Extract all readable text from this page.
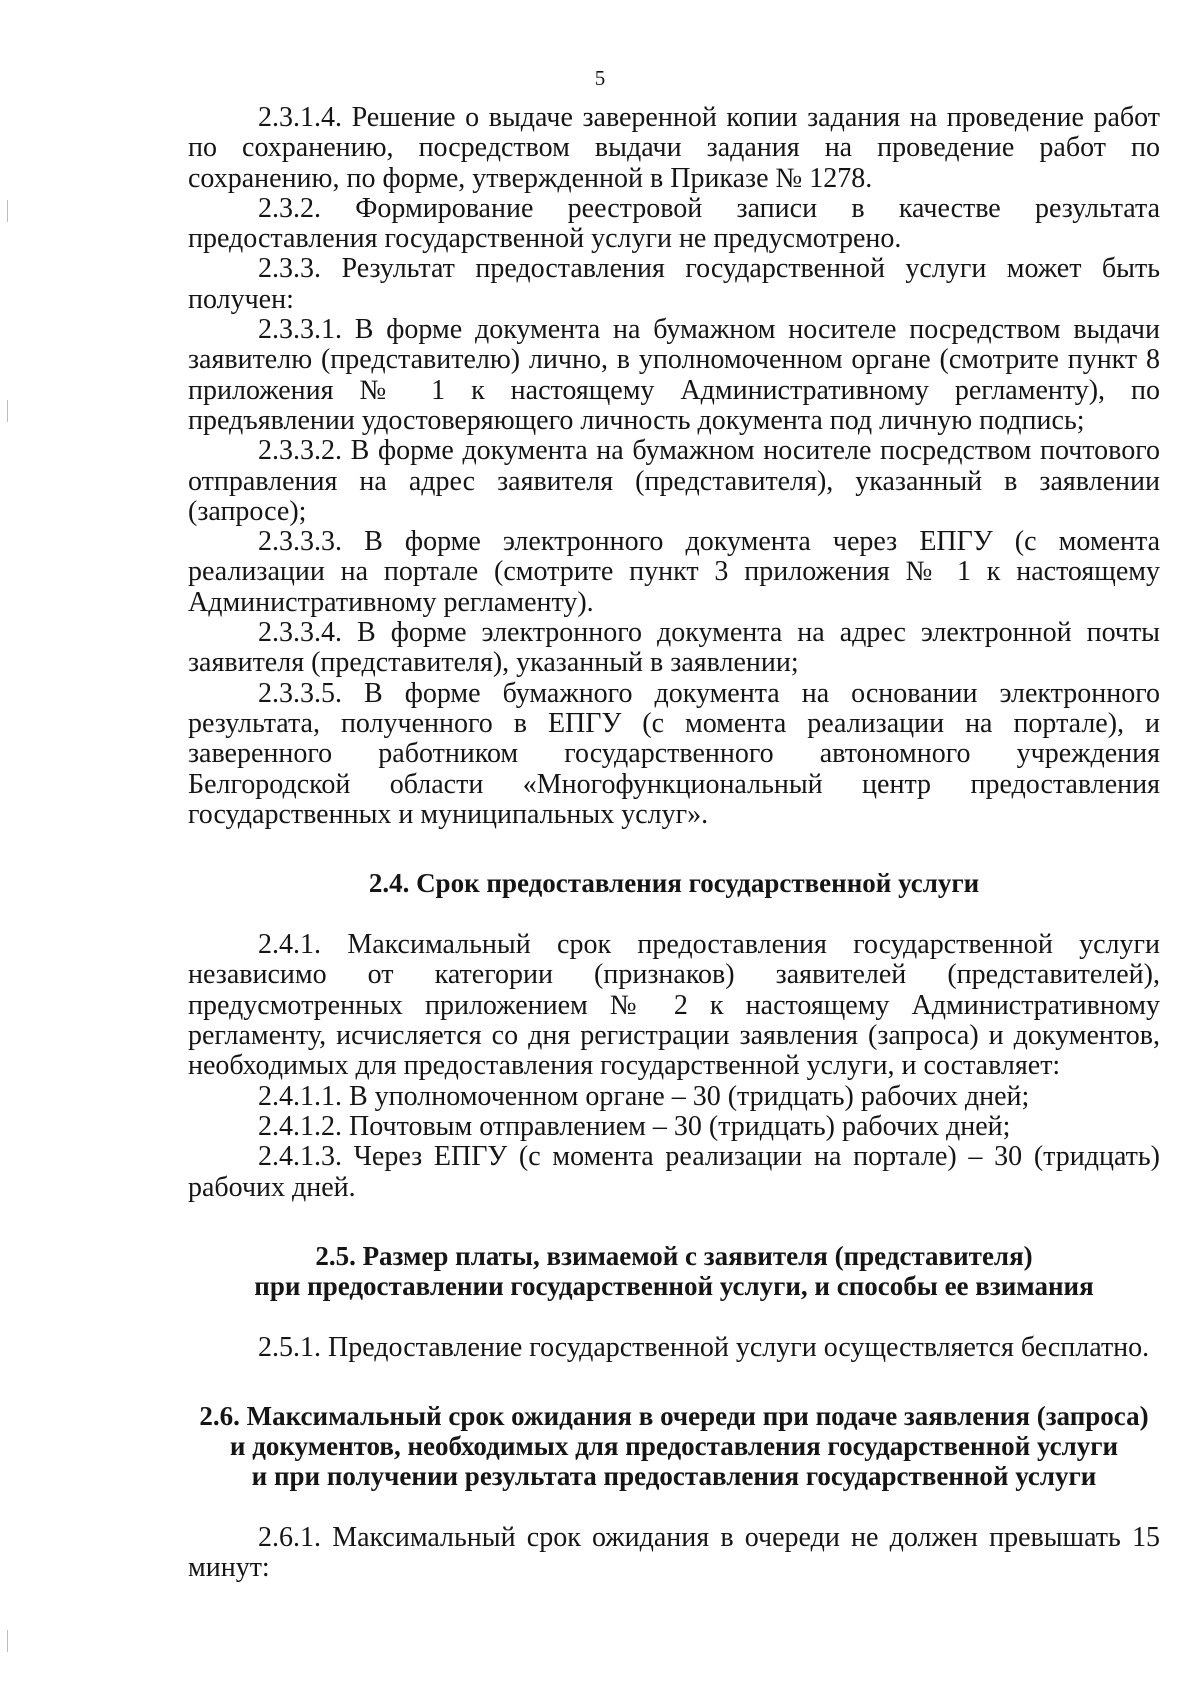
5

2.3.1.4. Решение о выдаче заверенной копии задания на проведение работ по сохранению, посредством выдачи задания на проведение работ по сохранению, по форме, утвержденной в Приказе № 1278.

2.3.2. Формирование реестровой записи в качестве результата предоставления государственной услуги не предусмотрено.

2.3.3. Результат предоставления государственной услуги может быть получен:

2.3.3.1. В форме документа на бумажном носителе посредством выдачи заявителю (представителю) лично, в уполномоченном органе (смотрите пункт 8 приложения № 1 к настоящему Административному регламенту), по предъявлении удостоверяющего личность документа под личную подпись;

2.3.3.2. В форме документа на бумажном носителе посредством почтового отправления на адрес заявителя (представителя), указанный в заявлении (запросе);

2.3.3.3. В форме электронного документа через ЕПГУ (с момента реализации на портале (смотрите пункт 3 приложения № 1 к настоящему Административному регламенту).

2.3.3.4. В форме электронного документа на адрес электронной почты заявителя (представителя), указанный в заявлении;

2.3.3.5. В форме бумажного документа на основании электронного результата, полученного в ЕПГУ (с момента реализации на портале), и заверенного работником государственного автономного учреждения Белгородской области «Многофункциональный центр предоставления государственных и муниципальных услуг».

2.4. Срок предоставления государственной услуги

2.4.1. Максимальный срок предоставления государственной услуги независимо от категории (признаков) заявителей (представителей), предусмотренных приложением № 2 к настоящему Административному регламенту, исчисляется со дня регистрации заявления (запроса) и документов, необходимых для предоставления государственной услуги, и составляет:

2.4.1.1. В уполномоченном органе – 30 (тридцать) рабочих дней;

2.4.1.2. Почтовым отправлением – 30 (тридцать) рабочих дней;

2.4.1.3. Через ЕПГУ (с момента реализации на портале) – 30 (тридцать) рабочих дней.

2.5. Размер платы, взимаемой с заявителя (представителя)
при предоставлении государственной услуги, и способы ее взимания

2.5.1. Предоставление государственной услуги осуществляется бесплатно.

2.6. Максимальный срок ожидания в очереди при подаче заявления (запроса)
и документов, необходимых для предоставления государственной услуги
и при получении результата предоставления государственной услуги

2.6.1. Максимальный срок ожидания в очереди не должен превышать 15 минут:
